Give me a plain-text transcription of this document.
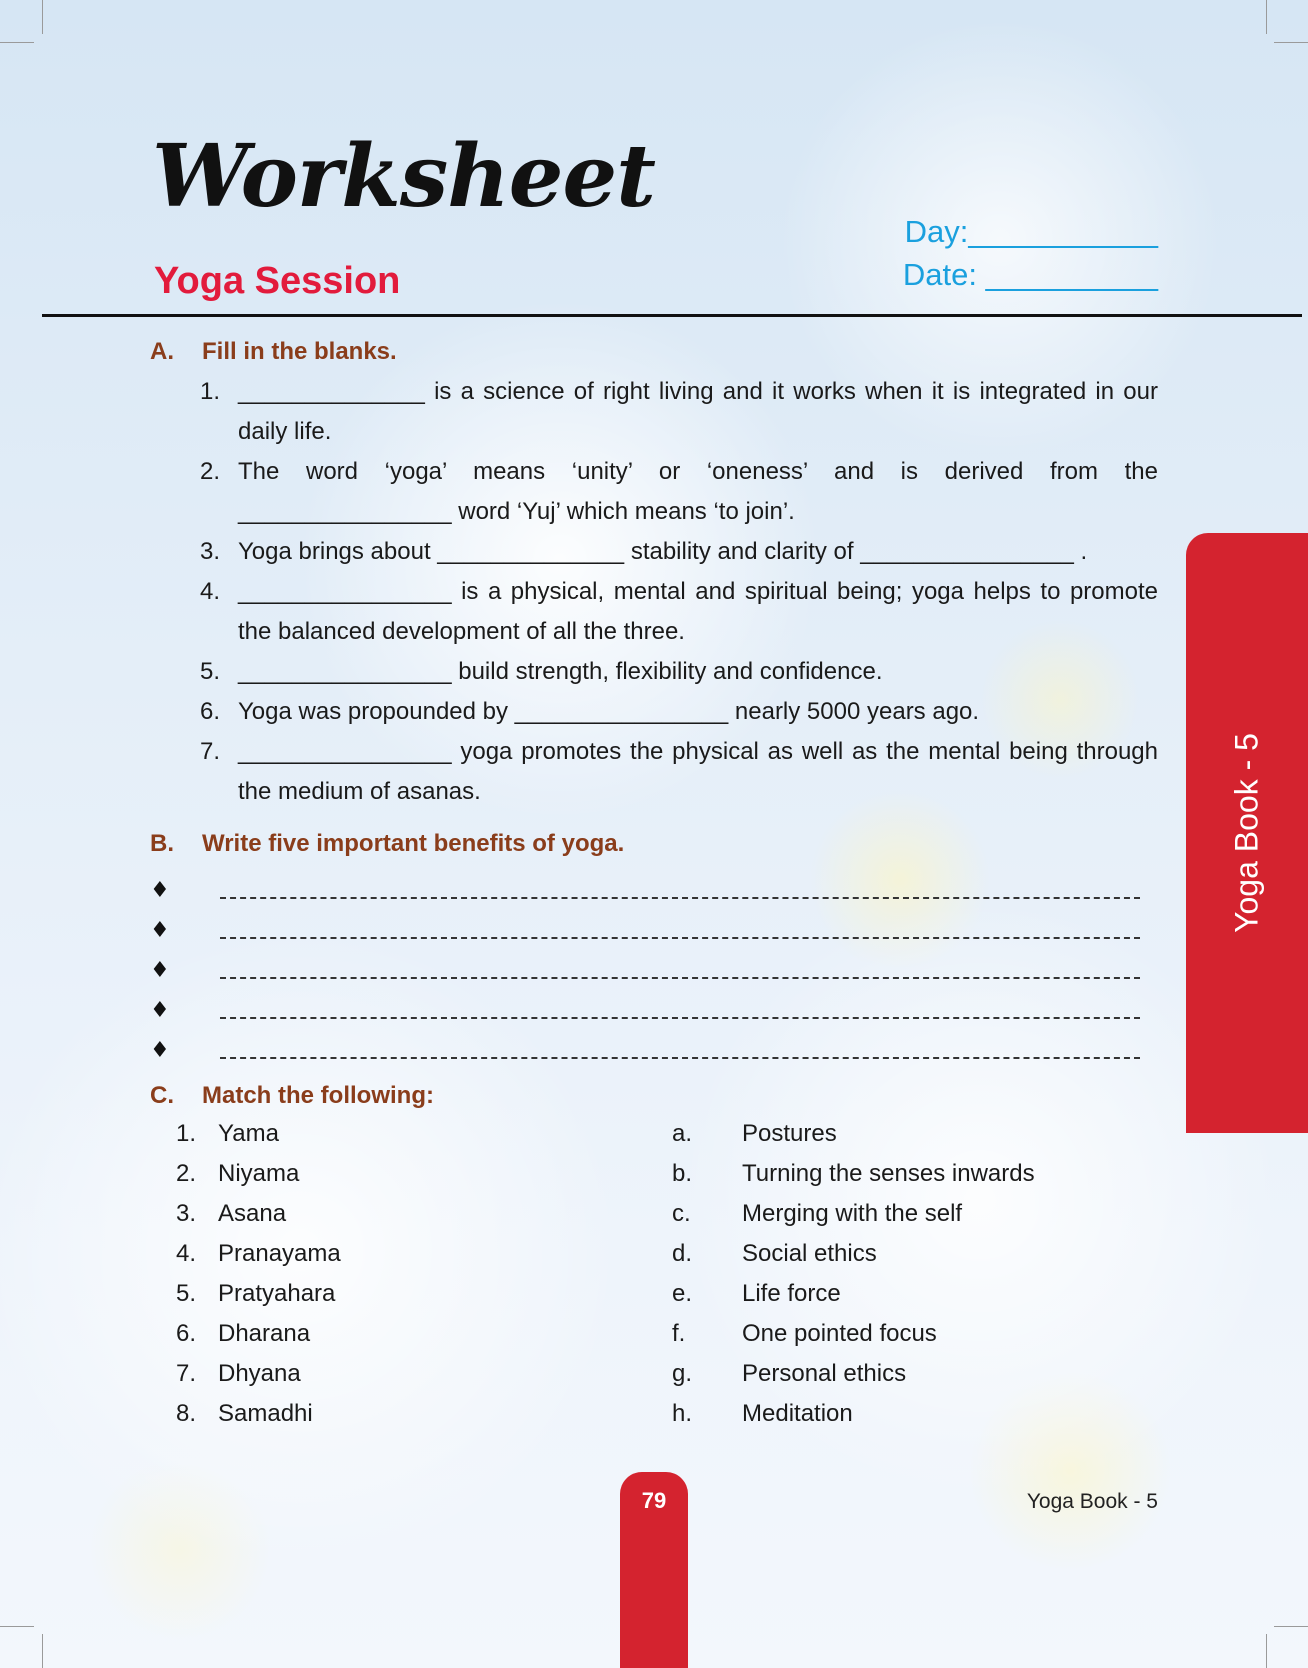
Worksheet
Yoga Session
Day:___________
Date: __________
A. Fill in the blanks.
1. ______________ is a science of right living and it works when it is integrated in our daily life.
2. The word ‘yoga’ means ‘unity’ or ‘oneness’ and is derived from the ________________ word ‘Yuj’ which means ‘to join’.
3. Yoga brings about ______________ stability and clarity of ________________ .
4. ________________ is a physical, mental and spiritual being; yoga helps to promote the balanced development of all the three.
5. ________________ build strength, flexibility and confidence.
6. Yoga was propounded by ________________ nearly 5000 years ago.
7. ________________ yoga promotes the physical as well as the mental being through the medium of asanas.
B. Write five important benefits of yoga.
♦
♦
♦
♦
♦
C. Match the following:
1. Yama	a.	Postures
2. Niyama	b.	Turning the senses inwards
3. Asana	c.	Merging with the self
4. Pranayama	d.	Social ethics
5. Pratyahara	e.	Life force
6. Dharana	f.	One pointed focus
7. Dhyana	g.	Personal ethics
8. Samadhi	h.	Meditation
Yoga Book - 5
79	Yoga Book - 5
